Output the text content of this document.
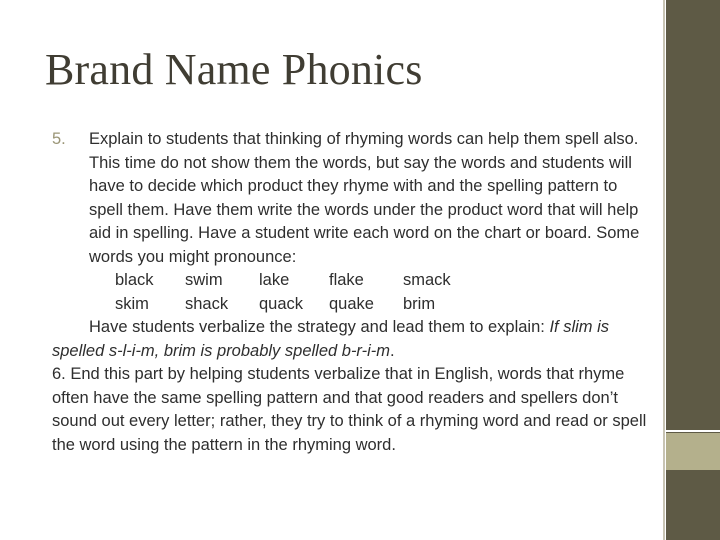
Brand Name Phonics
5. Explain to students that thinking of rhyming words can help them spell also. This time do not show them the words, but say the words and students will have to decide which product they rhyme with and the spelling pattern to spell them. Have them write the words under the product word that will help aid in spelling. Have a student write each word on the chart or board. Some words you might pronounce:
black	swim	lake	flake	smack
skim	shack	quack	quake	brim
Have students verbalize the strategy and lead them to explain: If slim is spelled s-l-i-m, brim is probably spelled b-r-i-m.
6. End this part by helping students verbalize that in English, words that rhyme often have the same spelling pattern and that good readers and spellers don’t sound out every letter; rather, they try to think of a rhyming word and read or spell the word using the pattern in the rhyming word.
